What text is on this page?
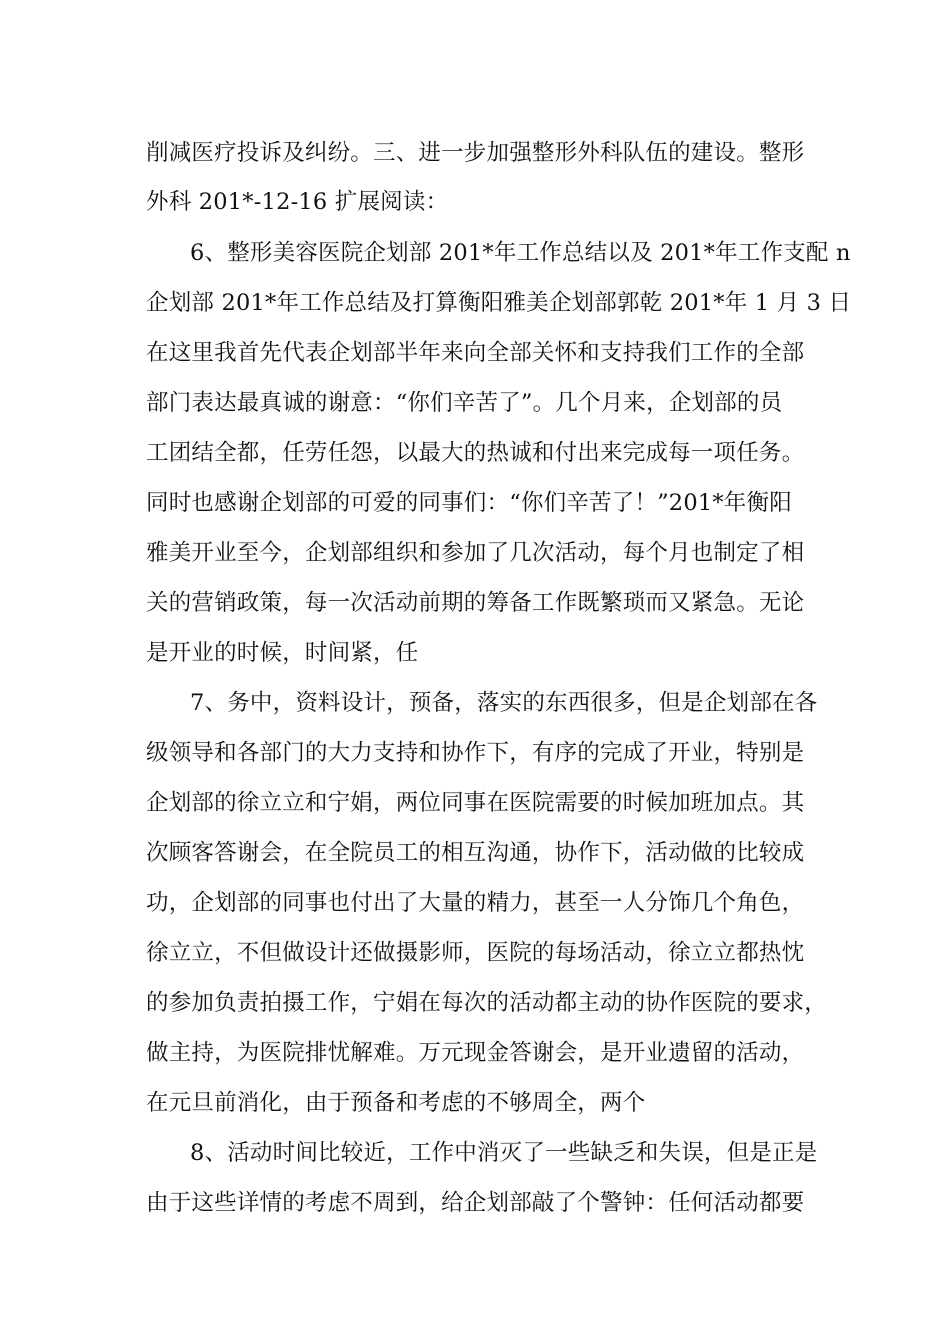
削减医疗投诉及纠纷。三、进一步加强整形外科队伍的建设。整形
外科 201*-12-16 扩展阅读：
6、整形美容医院企划部 201*年工作总结以及 201*年工作支配 n
企划部 201*年工作总结及打算衡阳雅美企划部郭乾 201*年 1 月 3 日
在这里我首先代表企划部半年来向全部关怀和支持我们工作的全部
部门表达最真诚的谢意：“你们辛苦了”。几个月来，企划部的员
工团结全都，任劳任怨，以最大的热诚和付出来完成每一项任务。
同时也感谢企划部的可爱的同事们：“你们辛苦了！”201*年衡阳
雅美开业至今，企划部组织和参加了几次活动，每个月也制定了相
关的营销政策，每一次活动前期的筹备工作既繁琐而又紧急。无论
是开业的时候，时间紧，任
7、务中，资料设计，预备，落实的东西很多，但是企划部在各
级领导和各部门的大力支持和协作下，有序的完成了开业，特别是
企划部的徐立立和宁娟，两位同事在医院需要的时候加班加点。其
次顾客答谢会，在全院员工的相互沟通，协作下，活动做的比较成
功，企划部的同事也付出了大量的精力，甚至一人分饰几个角色，
徐立立，不但做设计还做摄影师，医院的每场活动，徐立立都热忱
的参加负责拍摄工作，宁娟在每次的活动都主动的协作医院的要求，
做主持，为医院排忧解难。万元现金答谢会，是开业遗留的活动，
在元旦前消化，由于预备和考虑的不够周全，两个
8、活动时间比较近，工作中消灭了一些缺乏和失误，但是正是
由于这些详情的考虑不周到，给企划部敲了个警钟：任何活动都要
